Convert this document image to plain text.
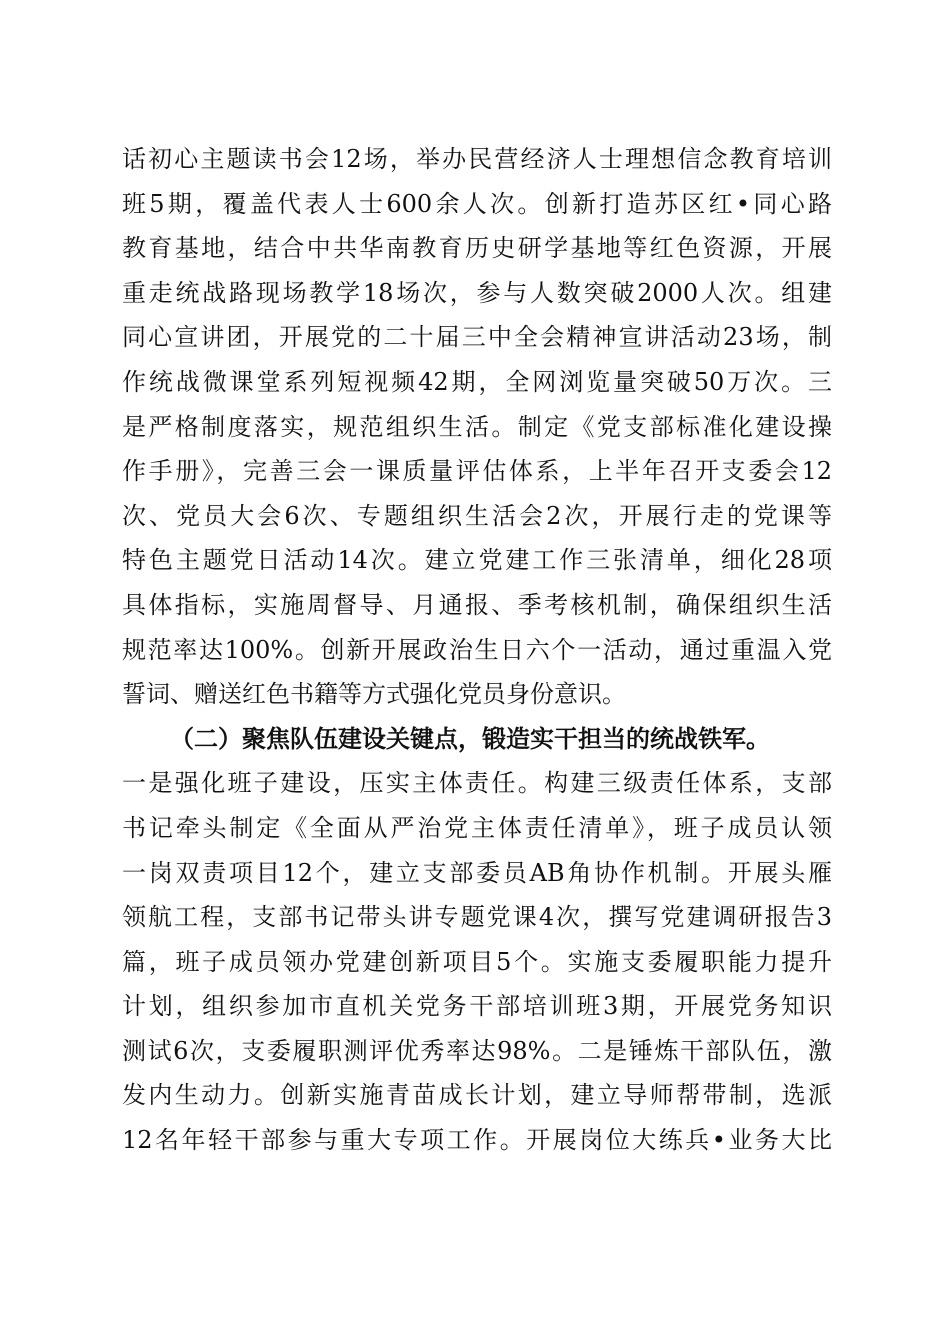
话初心主题读书会12场，举办民营经济人士理想信念教育培训
班5期，覆盖代表人士600余人次。创新打造苏区红•同心路
教育基地，结合中共华南教育历史研学基地等红色资源，开展
重走统战路现场教学18场次，参与人数突破2000人次。组建
同心宣讲团，开展党的二十届三中全会精神宣讲活动23场，制
作统战微课堂系列短视频42期，全网浏览量突破50万次。三
是严格制度落实，规范组织生活。制定《党支部标准化建设操
作手册》，完善三会一课质量评估体系，上半年召开支委会12
次、党员大会6次、专题组织生活会2次，开展行走的党课等
特色主题党日活动14次。建立党建工作三张清单，细化28项
具体指标，实施周督导、月通报、季考核机制，确保组织生活
规范率达100%。创新开展政治生日六个一活动，通过重温入党
誓词、赠送红色书籍等方式强化党员身份意识。
（二）聚焦队伍建设关键点，锻造实干担当的统战铁军。
一是强化班子建设，压实主体责任。构建三级责任体系，支部
书记牵头制定《全面从严治党主体责任清单》，班子成员认领
一岗双责项目12个，建立支部委员AB角协作机制。开展头雁
领航工程，支部书记带头讲专题党课4次，撰写党建调研报告3
篇，班子成员领办党建创新项目5个。实施支委履职能力提升
计划，组织参加市直机关党务干部培训班3期，开展党务知识
测试6次，支委履职测评优秀率达98%。二是锤炼干部队伍，激
发内生动力。创新实施青苗成长计划，建立导师帮带制，选派
12名年轻干部参与重大专项工作。开展岗位大练兵•业务大比
